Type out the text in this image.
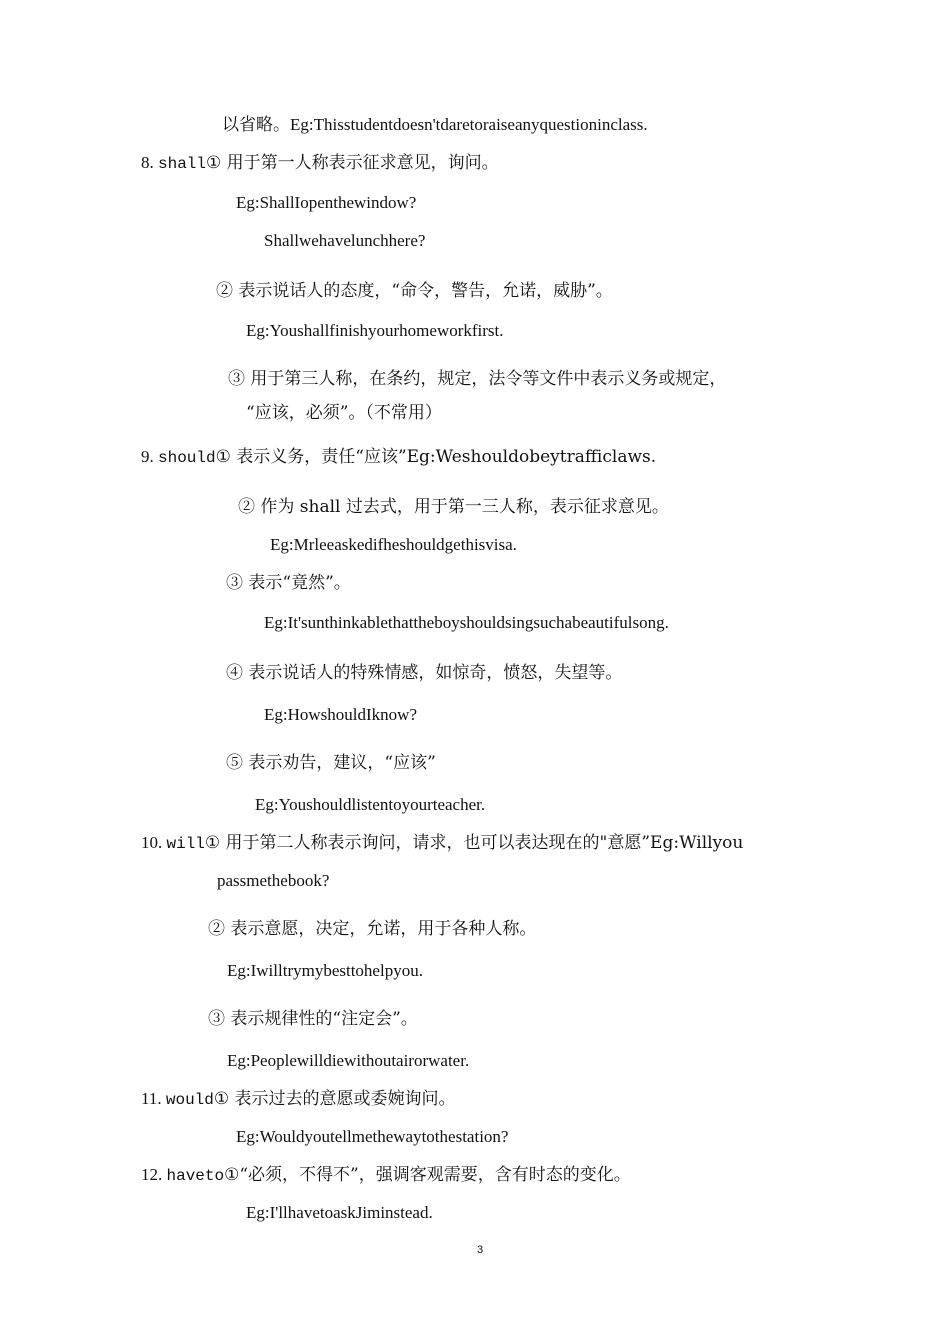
以省略。Eg:Thisstudentdoesn'tdaretoraiseanyquestioninclass.
8. shall① 用于第一人称表示征求意见，询问。
Eg:ShallIopenthewindow?
Shallwehavelunchhere?
② 表示说话人的态度，“命令，警告，允诺，威胁”。
Eg:Youshallfinishyourhomeworkfirst.
③ 用于第三人称，在条约，规定，法令等文件中表示义务或规定，
“应该，必须”。（不常用）
9. should① 表示义务，责任“应该”Eg:Weshouldobeytrafficlaws.
② 作为 shall 过去式，用于第一三人称，表示征求意见。
Eg:Mrleeaskedifheshouldgethisvisa.
③ 表示“竟然”。
Eg:It'sunthinkablethattheboyshouldsingsuchabeautifulsong.
④ 表示说话人的特殊情感，如惊奇，愤怒，失望等。
Eg:HowshouldIknow?
⑤ 表示劝告，建议，“应该”
Eg:Youshouldlistentoyourteacher.
10. will① 用于第二人称表示询问，请求，也可以表达现在的"意愿”Eg:Willyou
passmethebook?
② 表示意愿，决定，允诺，用于各种人称。
Eg:Iwilltrymybesttohelpyou.
③ 表示规律性的“注定会”。
Eg:Peoplewilldiewithoutairorwater.
11. would① 表示过去的意愿或委婉询问。
Eg:Wouldyoutellmethewaytothestation?
12. haveto①“必须，不得不”，强调客观需要，含有时态的变化。
Eg:I'llhavetoaskJiminstead.
3
